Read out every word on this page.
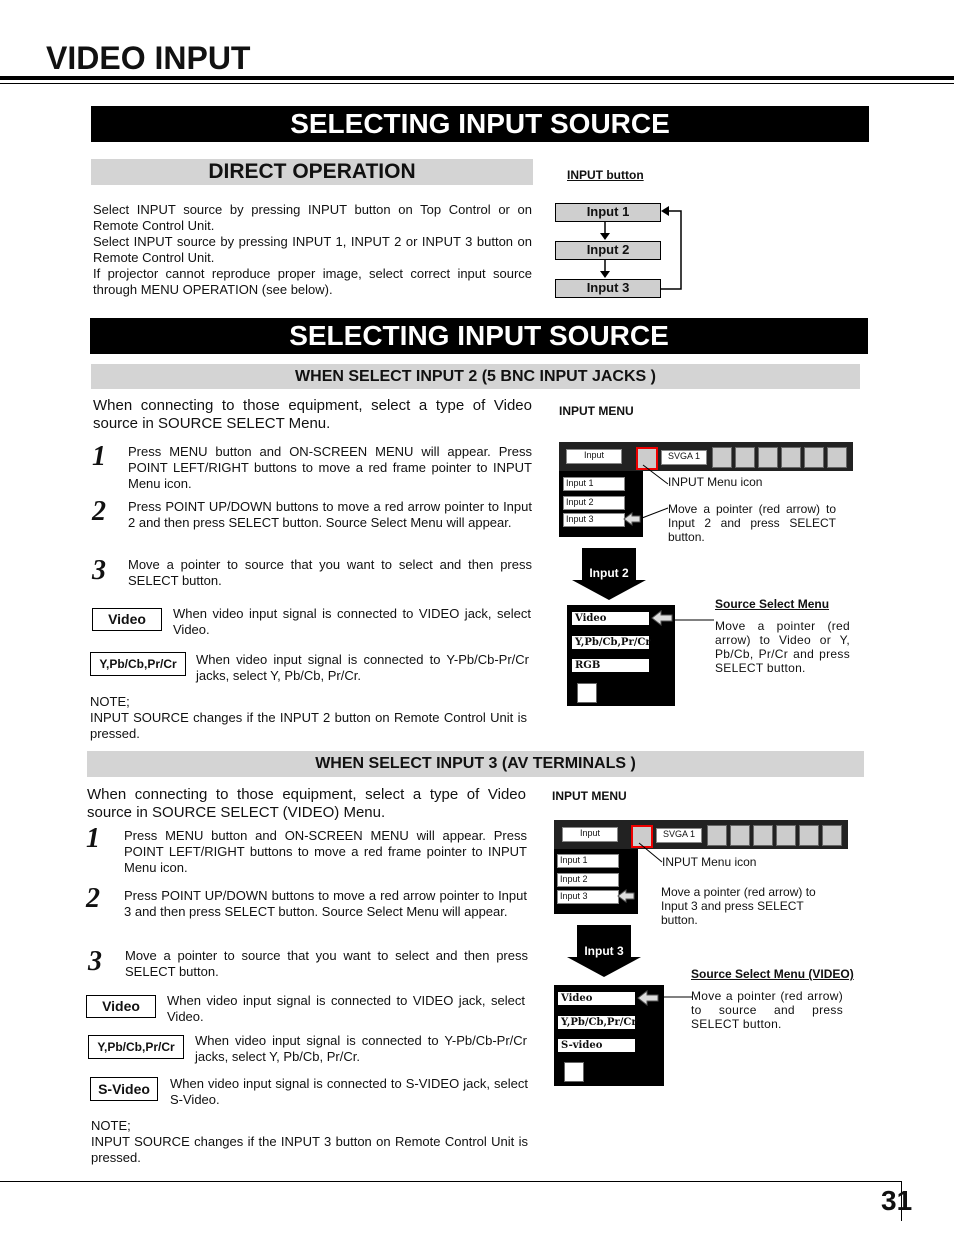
VIDEO INPUT
SELECTING INPUT SOURCE
DIRECT OPERATION
Select INPUT source by pressing INPUT button on Top Control or on Remote Control Unit.
Select INPUT source by pressing INPUT 1, INPUT 2 or INPUT 3 button on Remote Control Unit.
If projector cannot reproduce proper image, select correct input source through MENU OPERATION (see below).
INPUT button
Input 1
Input 2
Input 3
SELECTING INPUT SOURCE
WHEN SELECT INPUT 2 (5 BNC INPUT JACKS )
When connecting to those equipment, select a type of Video source in SOURCE SELECT Menu.
1 Press MENU button and ON-SCREEN MENU will appear. Press POINT LEFT/RIGHT buttons to move a red frame pointer to INPUT Menu icon.
2 Press POINT UP/DOWN buttons to move a red arrow pointer to Input 2 and then press SELECT button. Source Select Menu will appear.
3 Move a pointer to source that you want to select and then press SELECT button.
Video	When video input signal is connected to VIDEO jack, select Video.
Y,Pb/Cb,Pr/Cr	When video input signal is connected to Y-Pb/Cb-Pr/Cr jacks, select Y, Pb/Cb, Pr/Cr.
NOTE;
INPUT SOURCE changes if the INPUT 2 button on Remote Control Unit is pressed.
INPUT MENU
Input	SVGA 1
Input 1
Input 2
Input 3
INPUT Menu icon
Move a pointer (red arrow) to Input 2 and press SELECT button.
Input 2
Source Select Menu
Video
Y,Pb/Cb,Pr/Cr
RGB
Move a pointer (red arrow) to Video or Y, Pb/Cb, Pr/Cr and press SELECT button.
WHEN SELECT INPUT 3 (AV TERMINALS )
When connecting to those equipment, select a type of Video source in SOURCE SELECT (VIDEO) Menu.
1 Press MENU button and ON-SCREEN MENU will appear. Press POINT LEFT/RIGHT buttons to move a red frame pointer to INPUT Menu icon.
2 Press POINT UP/DOWN buttons to move a red arrow pointer to Input 3 and then press SELECT button. Source Select Menu will appear.
3 Move a pointer to source that you want to select and then press SELECT button.
Video	When video input signal is connected to VIDEO jack, select Video.
Y,Pb/Cb,Pr/Cr	When video input signal is connected to Y-Pb/Cb-Pr/Cr jacks, select Y, Pb/Cb, Pr/Cr.
S-Video	When video input signal is connected to S-VIDEO jack, select S-Video.
NOTE;
INPUT SOURCE changes if the INPUT 3 button on Remote Control Unit is pressed.
INPUT MENU
Input	SVGA 1
Input 1
Input 2
Input 3
INPUT Menu icon
Move a pointer (red arrow) to Input 3 and press SELECT button.
Input 3
Source Select Menu (VIDEO)
Video
Y,Pb/Cb,Pr/Cr
S-video
Move a pointer (red arrow) to source and press SELECT button.
31
